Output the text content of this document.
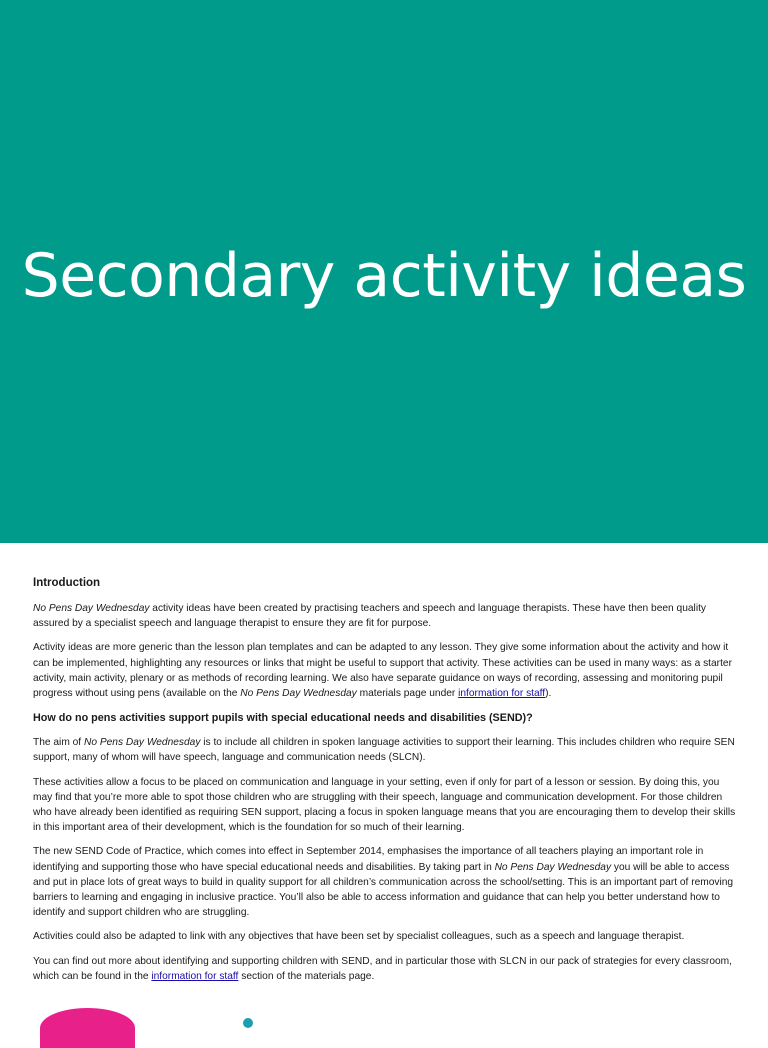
Secondary activity ideas
Introduction

No Pens Day Wednesday activity ideas have been created by practising teachers and speech and language therapists. These have then been quality assured by a specialist speech and language therapist to ensure they are fit for purpose.

Activity ideas are more generic than the lesson plan templates and can be adapted to any lesson. They give some information about the activity and how it can be implemented, highlighting any resources or links that might be useful to support that activity. These activities can be used in many ways: as a starter activity, main activity, plenary or as methods of recording learning. We also have separate guidance on ways of recording, assessing and monitoring pupil progress without using pens (available on the No Pens Day Wednesday materials page under information for staff).

How do no pens activities support pupils with special educational needs and disabilities (SEND)?

The aim of No Pens Day Wednesday is to include all children in spoken language activities to support their learning. This includes children who require SEN support, many of whom will have speech, language and communication needs (SLCN).

These activities allow a focus to be placed on communication and language in your setting, even if only for part of a lesson or session. By doing this, you may find that you’re more able to spot those children who are struggling with their speech, language and communication development. For those children who have already been identified as requiring SEN support, placing a focus in spoken language means that you are encouraging them to develop their skills in this important area of their development, which is the foundation for so much of their learning.

The new SEND Code of Practice, which comes into effect in September 2014, emphasises the importance of all teachers playing an important role in identifying and supporting those who have special educational needs and disabilities. By taking part in No Pens Day Wednesday you will be able to access and put in place lots of great ways to build in quality support for all children’s communication across the school/setting. This is an important part of removing barriers to learning and engaging in inclusive practice. You’ll also be able to access information and guidance that can help you better understand how to identify and support children who are struggling.

Activities could also be adapted to link with any objectives that have been set by specialist colleagues, such as a speech and language therapist.

You can find out more about identifying and supporting children with SEND, and in particular those with SLCN in our pack of strategies for every classroom, which can be found in the information for staff section of the materials page.
